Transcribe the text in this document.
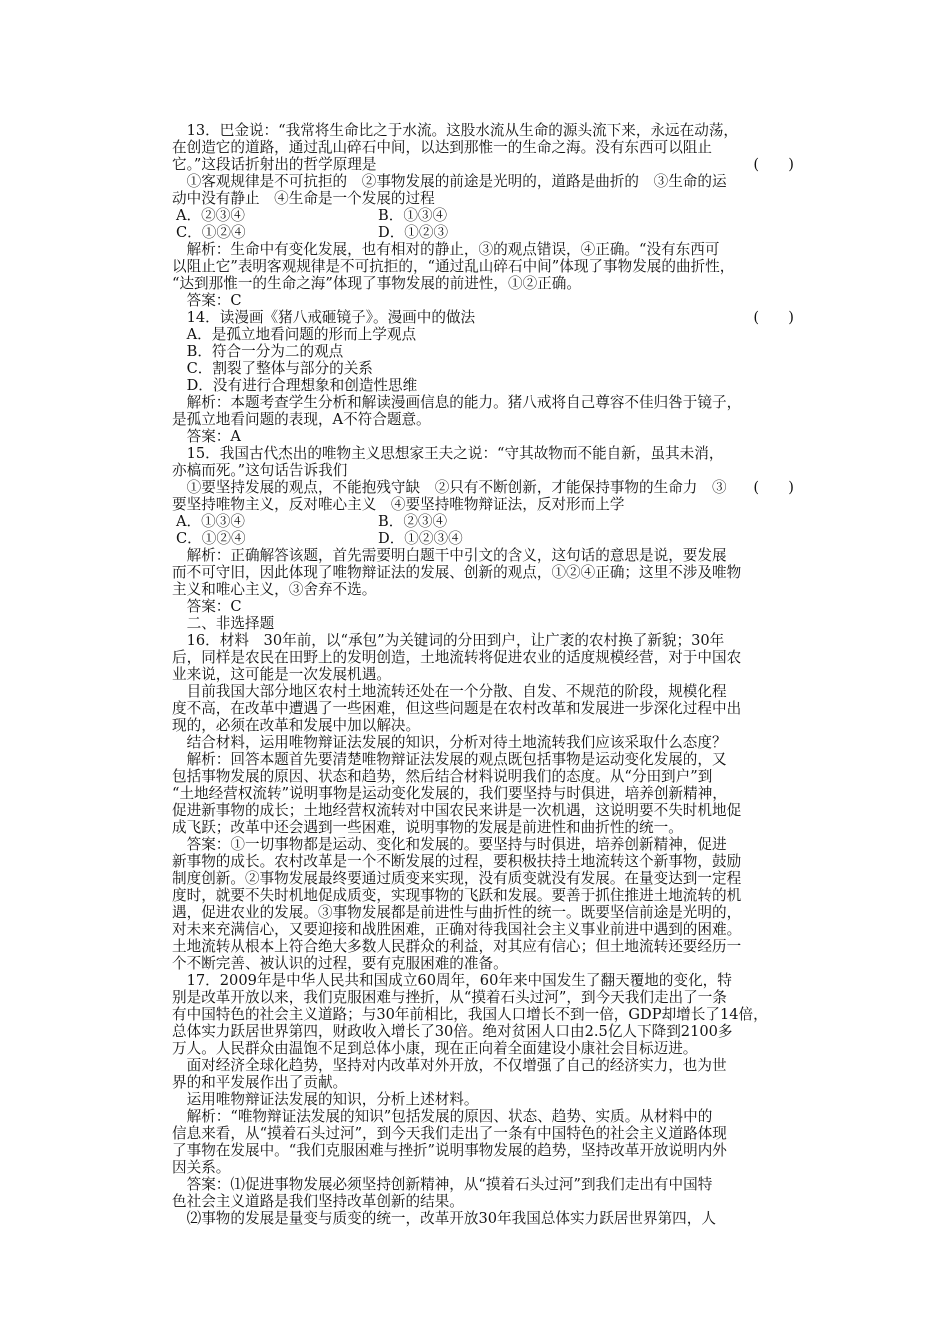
　13．巴金说：“我常将生命比之于水流。这股水流从生命的源头流下来，永远在动荡，
在创造它的道路，通过乱山碎石中间，以达到那惟一的生命之海。没有东西可以阻止
它。”这段话折射出的哲学原理是	(　　)
　①客观规律是不可抗拒的　②事物发展的前途是光明的，道路是曲折的　③生命的运
动中没有静止　④生命是一个发展的过程
A．②③④	B．①③④
C．①②④	D．①②③
　解析：生命中有变化发展，也有相对的静止，③的观点错误，④正确。“没有东西可
以阻止它”表明客观规律是不可抗拒的，“通过乱山碎石中间”体现了事物发展的曲折性，
“达到那惟一的生命之海”体现了事物发展的前进性，①②正确。
　答案：C
　14．读漫画《猪八戒砸镜子》。漫画中的做法	(　　)
　A．是孤立地看问题的形而上学观点
　B．符合一分为二的观点
　C．割裂了整体与部分的关系
　D．没有进行合理想象和创造性思维
　解析：本题考查学生分析和解读漫画信息的能力。猪八戒将自己尊容不佳归咎于镜子，
是孤立地看问题的表现，A不符合题意。
　答案：A
　15．我国古代杰出的唯物主义思想家王夫之说：“守其故物而不能自新，虽其未消，
亦槁而死。”这句话告诉我们
(　　)
　①要坚持发展的观点，不能抱残守缺　②只有不断创新，才能保持事物的生命力　③
要坚持唯物主义，反对唯心主义　④要坚持唯物辩证法，反对形而上学
A．①③④	B．②③④
C．①②④	D．①②③④
　解析：正确解答该题，首先需要明白题干中引文的含义，这句话的意思是说，要发展
而不可守旧，因此体现了唯物辩证法的发展、创新的观点，①②④正确；这里不涉及唯物
主义和唯心主义，③舍弃不选。
　答案：C
　二、非选择题
　16．材料　30年前，以“承包”为关键词的分田到户，让广袤的农村换了新貌；30年
后，同样是农民在田野上的发明创造，土地流转将促进农业的适度规模经营，对于中国农
业来说，这可能是一次发展机遇。
　目前我国大部分地区农村土地流转还处在一个分散、自发、不规范的阶段，规模化程
度不高，在改革中遭遇了一些困难，但这些问题是在农村改革和发展进一步深化过程中出
现的，必须在改革和发展中加以解决。
　结合材料，运用唯物辩证法发展的知识，分析对待土地流转我们应该采取什么态度？
　解析：回答本题首先要清楚唯物辩证法发展的观点既包括事物是运动变化发展的，又
包括事物发展的原因、状态和趋势，然后结合材料说明我们的态度。从“分田到户”到
“土地经营权流转”说明事物是运动变化发展的，我们要坚持与时俱进，培养创新精神，
促进新事物的成长；土地经营权流转对中国农民来讲是一次机遇，这说明要不失时机地促
成飞跃；改革中还会遇到一些困难，说明事物的发展是前进性和曲折性的统一。
　答案：①一切事物都是运动、变化和发展的。要坚持与时俱进，培养创新精神，促进
新事物的成长。农村改革是一个不断发展的过程，要积极扶持土地流转这个新事物，鼓励
制度创新。②事物发展最终要通过质变来实现，没有质变就没有发展。在量变达到一定程
度时，就要不失时机地促成质变，实现事物的飞跃和发展。要善于抓住推进土地流转的机
遇，促进农业的发展。③事物发展都是前进性与曲折性的统一。既要坚信前途是光明的，
对未来充满信心，又要迎接和战胜困难，正确对待我国社会主义事业前进中遇到的困难。
土地流转从根本上符合绝大多数人民群众的利益，对其应有信心；但土地流转还要经历一
个不断完善、被认识的过程，要有克服困难的准备。
　17．2009年是中华人民共和国成立60周年，60年来中国发生了翻天覆地的变化，特
别是改革开放以来，我们克服困难与挫折，从“摸着石头过河”，到今天我们走出了一条
有中国特色的社会主义道路；与30年前相比，我国人口增长不到一倍，GDP却增长了14倍，
总体实力跃居世界第四，财政收入增长了30倍。绝对贫困人口由2.5亿人下降到2100多
万人。人民群众由温饱不足到总体小康，现在正向着全面建设小康社会目标迈进。
　面对经济全球化趋势，坚持对内改革对外开放，不仅增强了自己的经济实力，也为世
界的和平发展作出了贡献。
　运用唯物辩证法发展的知识，分析上述材料。
　解析：“唯物辩证法发展的知识”包括发展的原因、状态、趋势、实质。从材料中的
信息来看，从“摸着石头过河”，到今天我们走出了一条有中国特色的社会主义道路体现
了事物在发展中。“我们克服困难与挫折”说明事物发展的趋势，坚持改革开放说明内外
因关系。
　答案：⑴促进事物发展必须坚持创新精神，从“摸着石头过河”到我们走出有中国特
色社会主义道路是我们坚持改革创新的结果。
　⑵事物的发展是量变与质变的统一，改革开放30年我国总体实力跃居世界第四，人
